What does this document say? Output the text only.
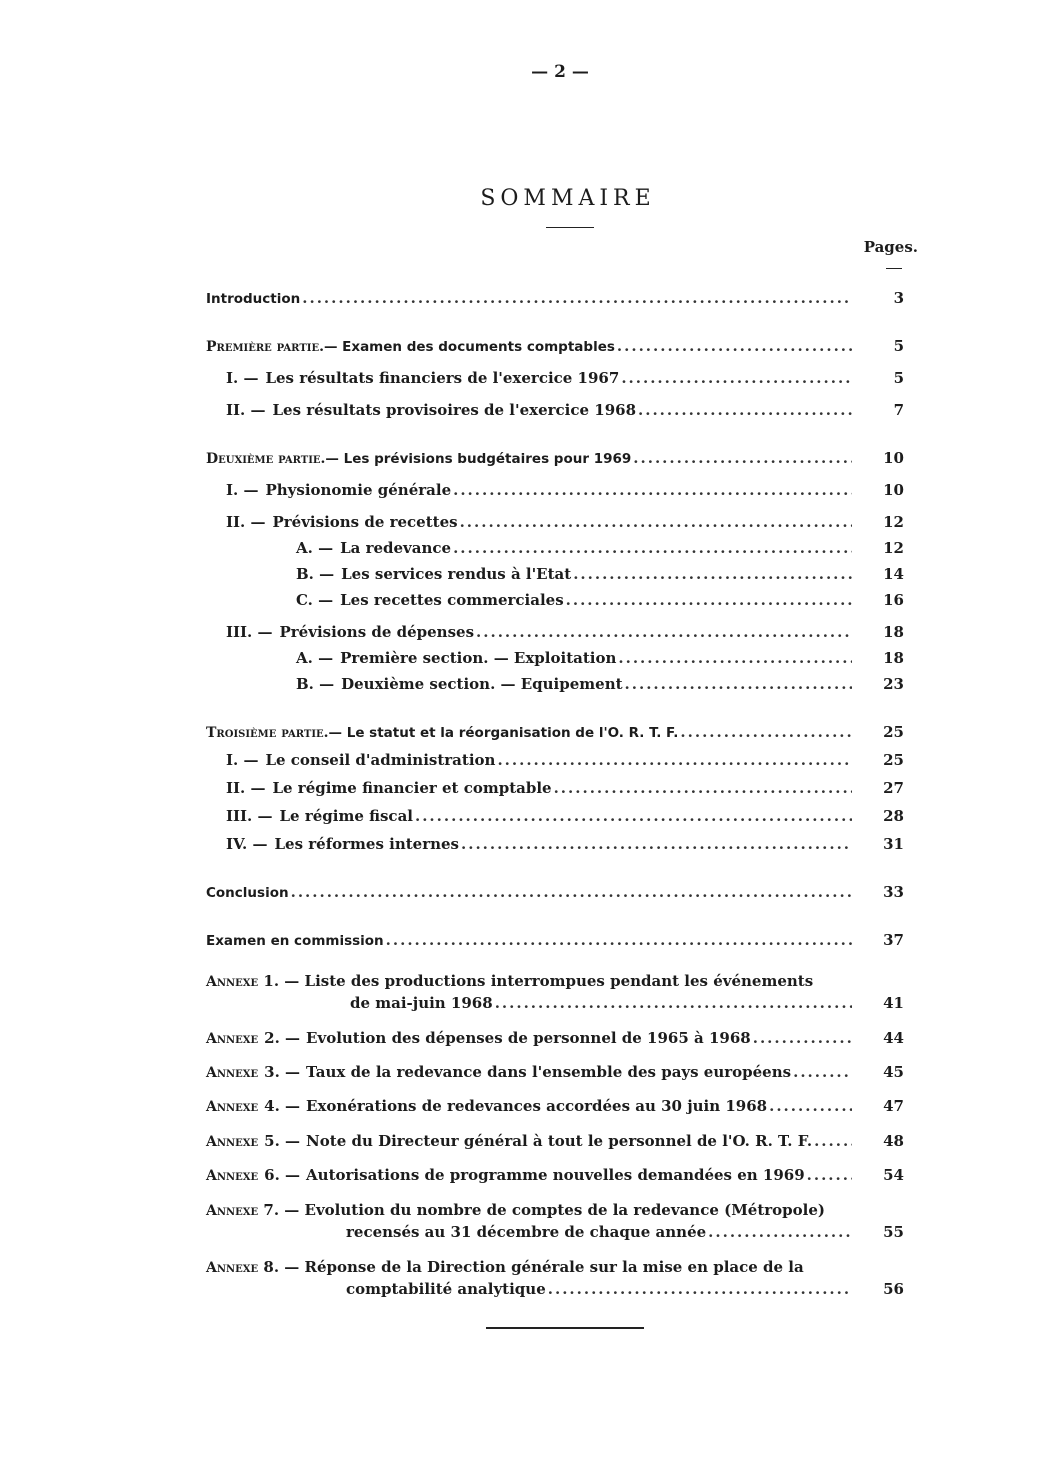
— 2 —
SOMMAIRE
Pages.
Introduction .....	3
Première partie. — Examen des documents comptables .....	5
I. — Les résultats financiers de l'exercice 1967 .....	5
II. — Les résultats provisoires de l'exercice 1968 .....	7
Deuxième partie. — Les prévisions budgétaires pour 1969 .....	10
I. — Physionomie générale .....	10
II. — Prévisions de recettes .....	12
A. — La redevance .....	12
B. — Les services rendus à l'Etat .....	14
C. — Les recettes commerciales .....	16
III. — Prévisions de dépenses .....	18
A. — Première section. — Exploitation .....	18
B. — Deuxième section. — Equipement .....	23
Troisième partie. — Le statut et la réorganisation de l'O. R. T. F. .....	25
I. — Le conseil d'administration .....	25
II. — Le régime financier et comptable .....	27
III. — Le régime fiscal .....	28
IV. — Les réformes internes .....	31
Conclusion .....	33
Examen en commission .....	37
Annexe 1. — Liste des productions interrompues pendant les événements
de mai-juin 1968 .....	41
Annexe 2. — Evolution des dépenses de personnel de 1965 à 1968 .....	44
Annexe 3. — Taux de la redevance dans l'ensemble des pays européens .....	45
Annexe 4. — Exonérations de redevances accordées au 30 juin 1968 .....	47
Annexe 5. — Note du Directeur général à tout le personnel de l'O. R. T. F. .....	48
Annexe 6. — Autorisations de programme nouvelles demandées en 1969 .....	54
Annexe 7. — Evolution du nombre de comptes de la redevance (Métropole)
recensés au 31 décembre de chaque année .....	55
Annexe 8. — Réponse de la Direction générale sur la mise en place de la
comptabilité analytique .....	56
